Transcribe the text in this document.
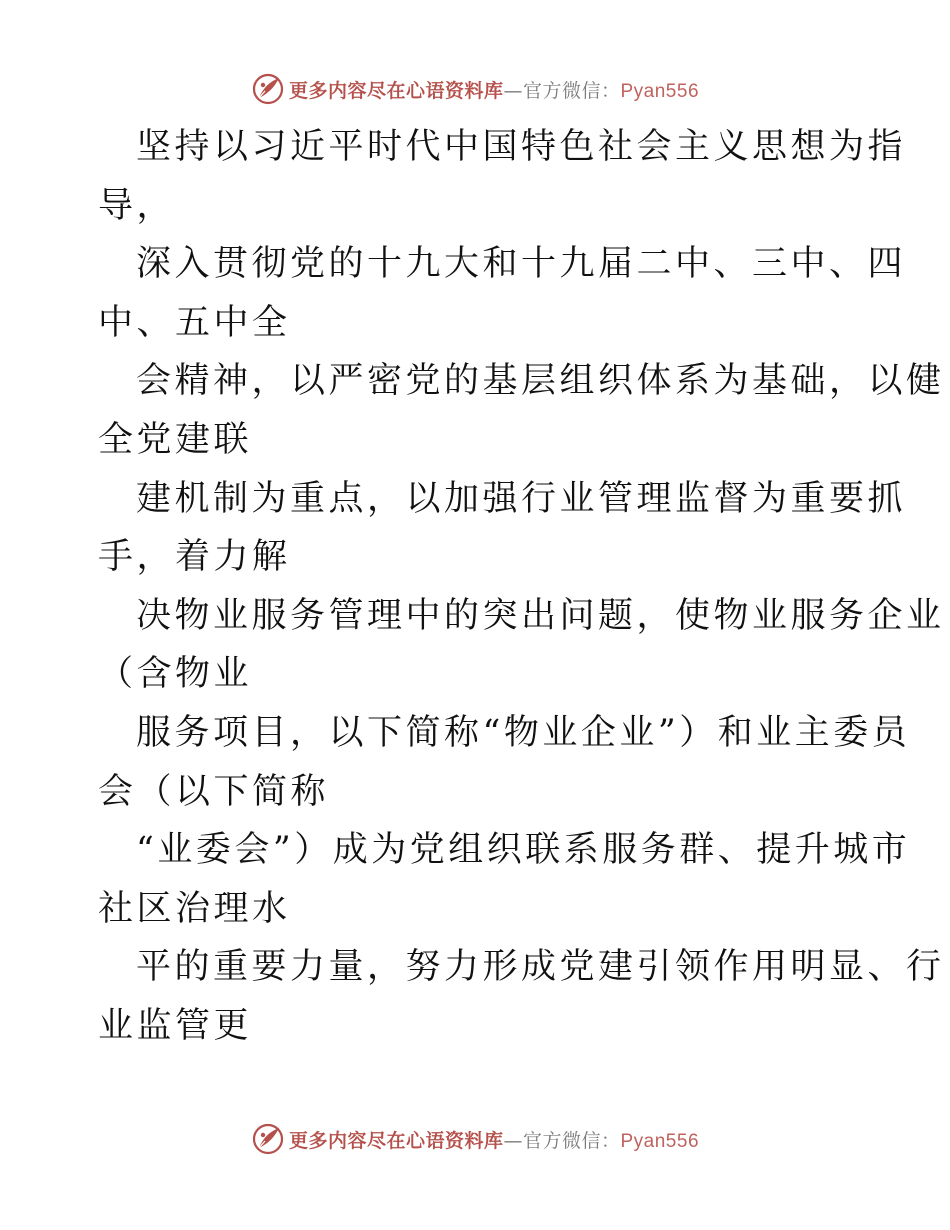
更多内容尽在心语资料库—官方微信：Pyan556
坚持以习近平时代中国特色社会主义思想为指
导，
深入贯彻党的十九大和十九届二中、三中、四
中、五中全
会精神，以严密党的基层组织体系为基础，以健
全党建联
建机制为重点，以加强行业管理监督为重要抓
手，着力解
决物业服务管理中的突出问题，使物业服务企业
（含物业
服务项目，以下简称“物业企业”）和业主委员
会（以下简称
“业委会”）成为党组织联系服务群、提升城市
社区治理水
平的重要力量，努力形成党建引领作用明显、行
业监管更
更多内容尽在心语资料库—官方微信：Pyan556
